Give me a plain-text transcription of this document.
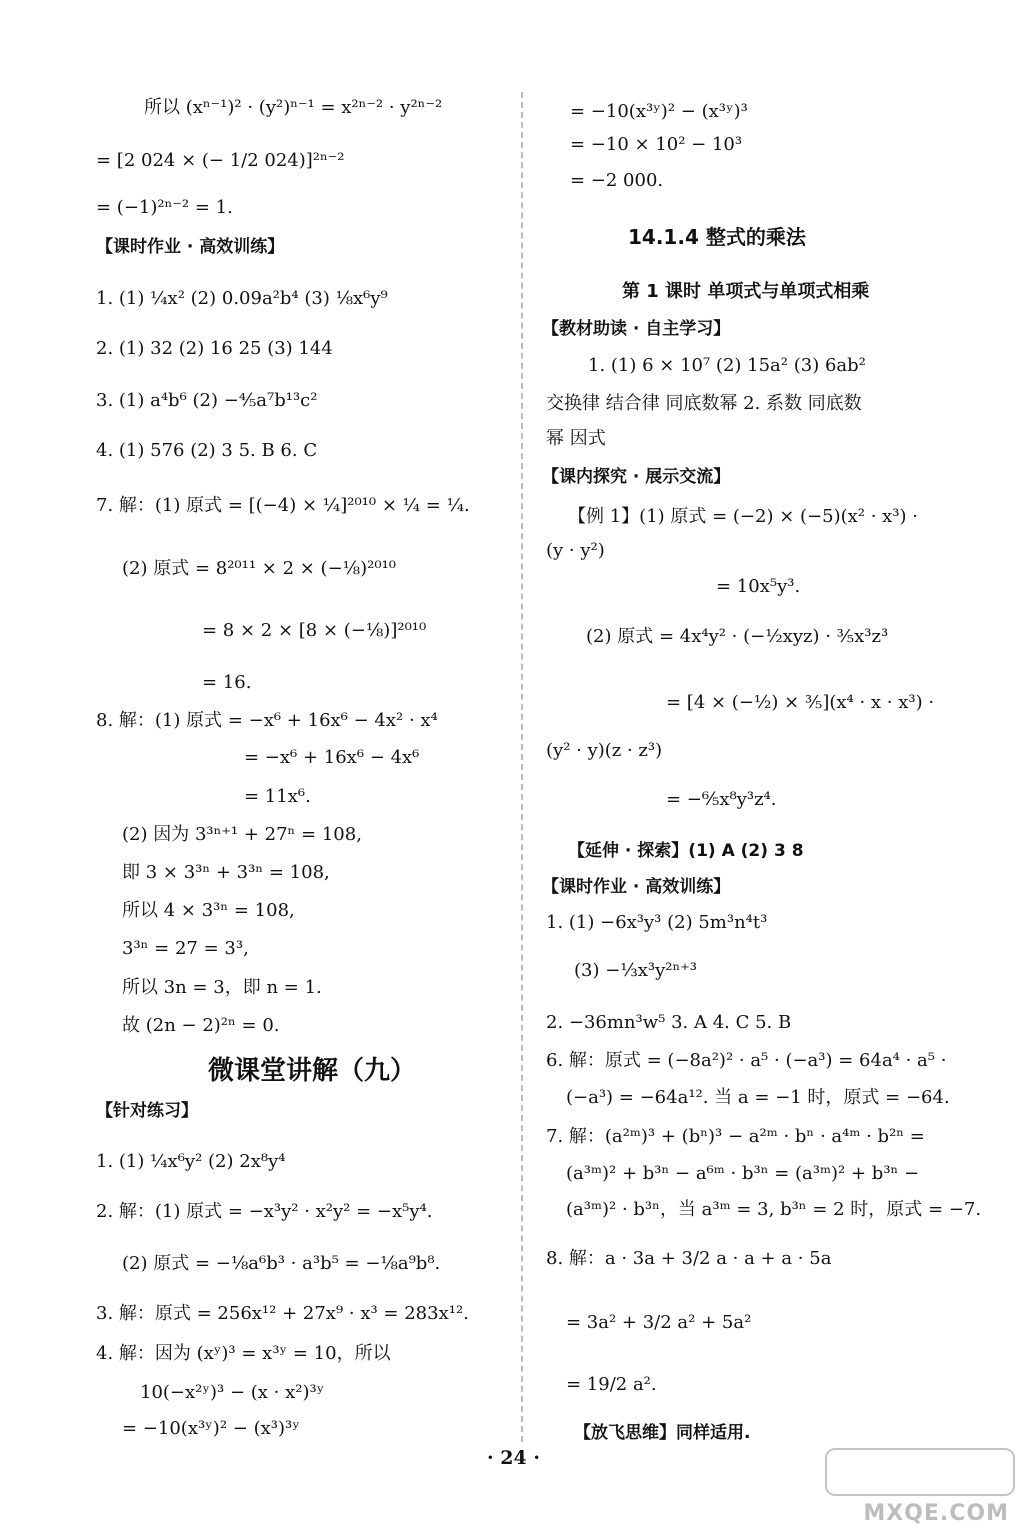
所以 (xⁿ⁻¹)² · (y²)ⁿ⁻¹ = x²ⁿ⁻² · y²ⁿ⁻²
= [2 024 × (− 1/2 024)]²ⁿ⁻²
= (−1)²ⁿ⁻² = 1.
【课时作业 · 高效训练】
1. (1) ¼x² (2) 0.09a²b⁴ (3) ⅛x⁶y⁹
2. (1) 32 (2) 16 25 (3) 144
3. (1) a⁴b⁶ (2) −⅘a⁷b¹³c²
4. (1) 576 (2) 3 5. B 6. C
7. 解：(1) 原式 = [(−4) × ¼]²⁰¹⁰ × ¼ = ¼.
(2) 原式 = 8²⁰¹¹ × 2 × (−⅛)²⁰¹⁰
= 8 × 2 × [8 × (−⅛)]²⁰¹⁰
= 16.
8. 解：(1) 原式 = −x⁶ + 16x⁶ − 4x² · x⁴
= −x⁶ + 16x⁶ − 4x⁶
= 11x⁶.
(2) 因为 3³ⁿ⁺¹ + 27ⁿ = 108,
即 3 × 3³ⁿ + 3³ⁿ = 108,
所以 4 × 3³ⁿ = 108,
3³ⁿ = 27 = 3³,
所以 3n = 3，即 n = 1.
故 (2n − 2)²ⁿ = 0.
微课堂讲解（九）
【针对练习】
1. (1) ¼x⁶y² (2) 2x⁸y⁴
2. 解：(1) 原式 = −x³y² · x²y² = −x⁵y⁴.
(2) 原式 = −⅛a⁶b³ · a³b⁵ = −⅛a⁹b⁸.
3. 解：原式 = 256x¹² + 27x⁹ · x³ = 283x¹².
4. 解：因为 (xʸ)³ = x³ʸ = 10，所以
10(−x²ʸ)³ − (x · x²)³ʸ
= −10(x³ʸ)² − (x³)³ʸ
= −10(x³ʸ)² − (x³ʸ)³
= −10 × 10² − 10³
= −2 000.
14.1.4 整式的乘法
第 1 课时 单项式与单项式相乘
【教材助读 · 自主学习】
1. (1) 6 × 10⁷ (2) 15a² (3) 6ab²
交换律 结合律 同底数幂 2. 系数 同底数
幂 因式
【课内探究 · 展示交流】
【例 1】(1) 原式 = (−2) × (−5)(x² · x³) ·
(y · y²)
= 10x⁵y³.
(2) 原式 = 4x⁴y² · (−½xyz) · ⅗x³z³
= [4 × (−½) × ⅗](x⁴ · x · x³) ·
(y² · y)(z · z³)
= −⁶⁄₅x⁸y³z⁴.
【延伸 · 探索】(1) A (2) 3 8
【课时作业 · 高效训练】
1. (1) −6x³y³ (2) 5m³n⁴t³
(3) −⅓x³y²ⁿ⁺³
2. −36mn³w⁵ 3. A 4. C 5. B
6. 解：原式 = (−8a²)² · a⁵ · (−a³) = 64a⁴ · a⁵ ·
(−a³) = −64a¹². 当 a = −1 时，原式 = −64.
7. 解：(a²ᵐ)³ + (bⁿ)³ − a²ᵐ · bⁿ · a⁴ᵐ · b²ⁿ =
(a³ᵐ)² + b³ⁿ − a⁶ᵐ · b³ⁿ = (a³ᵐ)² + b³ⁿ −
(a³ᵐ)² · b³ⁿ，当 a³ᵐ = 3, b³ⁿ = 2 时，原式 = −7.
8. 解：a · 3a + 3/2 a · a + a · 5a
= 3a² + 3/2 a² + 5a²
= 19/2 a².
【放飞思维】同样适用.
· 24 ·
MXQE.COM
